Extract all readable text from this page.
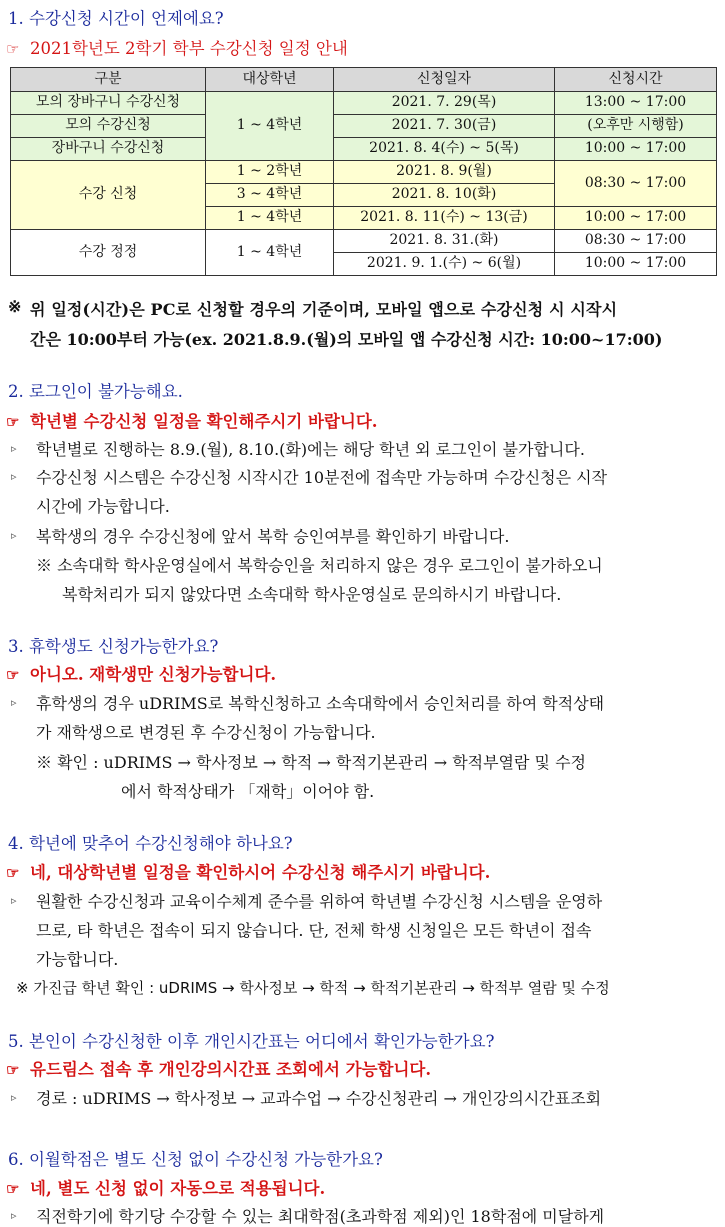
1. 수강신청 시간이 언제에요?
☞ 2021학년도 2학기 학부 수강신청 일정 안내
구분	대상학년	신청일자	신청시간
모의 장바구니 수강신청	1 ~ 4학년	2021. 7. 29(목)	13:00 ~ 17:00
모의 수강신청		2021. 7. 30(금)	(오후만 시행함)
장바구니 수강신청		2021. 8. 4(수) ~ 5(목)	10:00 ~ 17:00
수강 신청	1 ~ 2학년	2021. 8. 9(월)	08:30 ~ 17:00
	3 ~ 4학년	2021. 8. 10(화)	
	1 ~ 4학년	2021. 8. 11(수) ~ 13(금)	10:00 ~ 17:00
수강 정정	1 ~ 4학년	2021. 8. 31.(화)	08:30 ~ 17:00
		2021. 9. 1.(수) ~ 6(월)	10:00 ~ 17:00
※ 위 일정(시간)은 PC로 신청할 경우의 기준이며, 모바일 앱으로 수강신청 시 시작시
간은 10:00부터 가능(ex. 2021.8.9.(월)의 모바일 앱 수강신청 시간: 10:00~17:00)
2. 로그인이 불가능해요.
☞ 학년별 수강신청 일정을 확인해주시기 바랍니다.
▹ 학년별로 진행하는 8.9.(월), 8.10.(화)에는 해당 학년 외 로그인이 불가합니다.
▹ 수강신청 시스템은 수강신청 시작시간 10분전에 접속만 가능하며 수강신청은 시작
시간에 가능합니다.
▹ 복학생의 경우 수강신청에 앞서 복학 승인여부를 확인하기 바랍니다.
※ 소속대학 학사운영실에서 복학승인을 처리하지 않은 경우 로그인이 불가하오니
복학처리가 되지 않았다면 소속대학 학사운영실로 문의하시기 바랍니다.
3. 휴학생도 신청가능한가요?
☞ 아니오. 재학생만 신청가능합니다.
▹ 휴학생의 경우 uDRIMS로 복학신청하고 소속대학에서 승인처리를 하여 학적상태
가 재학생으로 변경된 후 수강신청이 가능합니다.
※ 확인 : uDRIMS → 학사정보 → 학적 → 학적기본관리 → 학적부열람 및 수정
에서 학적상태가 「재학」이어야 함.
4. 학년에 맞추어 수강신청해야 하나요?
☞ 네, 대상학년별 일정을 확인하시어 수강신청 해주시기 바랍니다.
▹ 원활한 수강신청과 교육이수체계 준수를 위하여 학년별 수강신청 시스템을 운영하
므로, 타 학년은 접속이 되지 않습니다. 단, 전체 학생 신청일은 모든 학년이 접속
가능합니다.
※ 가진급 학년 확인 : uDRIMS → 학사정보 → 학적 → 학적기본관리 → 학적부 열람 및 수정
5. 본인이 수강신청한 이후 개인시간표는 어디에서 확인가능한가요?
☞ 유드림스 접속 후 개인강의시간표 조회에서 가능합니다.
▹ 경로 : uDRIMS → 학사정보 → 교과수업 → 수강신청관리 → 개인강의시간표조회
6. 이월학점은 별도 신청 없이 수강신청 가능한가요?
☞ 네, 별도 신청 없이 자동으로 적용됩니다.
▹ 직전학기에 학기당 수강할 수 있는 최대학점(초과학점 제외)인 18학점에 미달하게
